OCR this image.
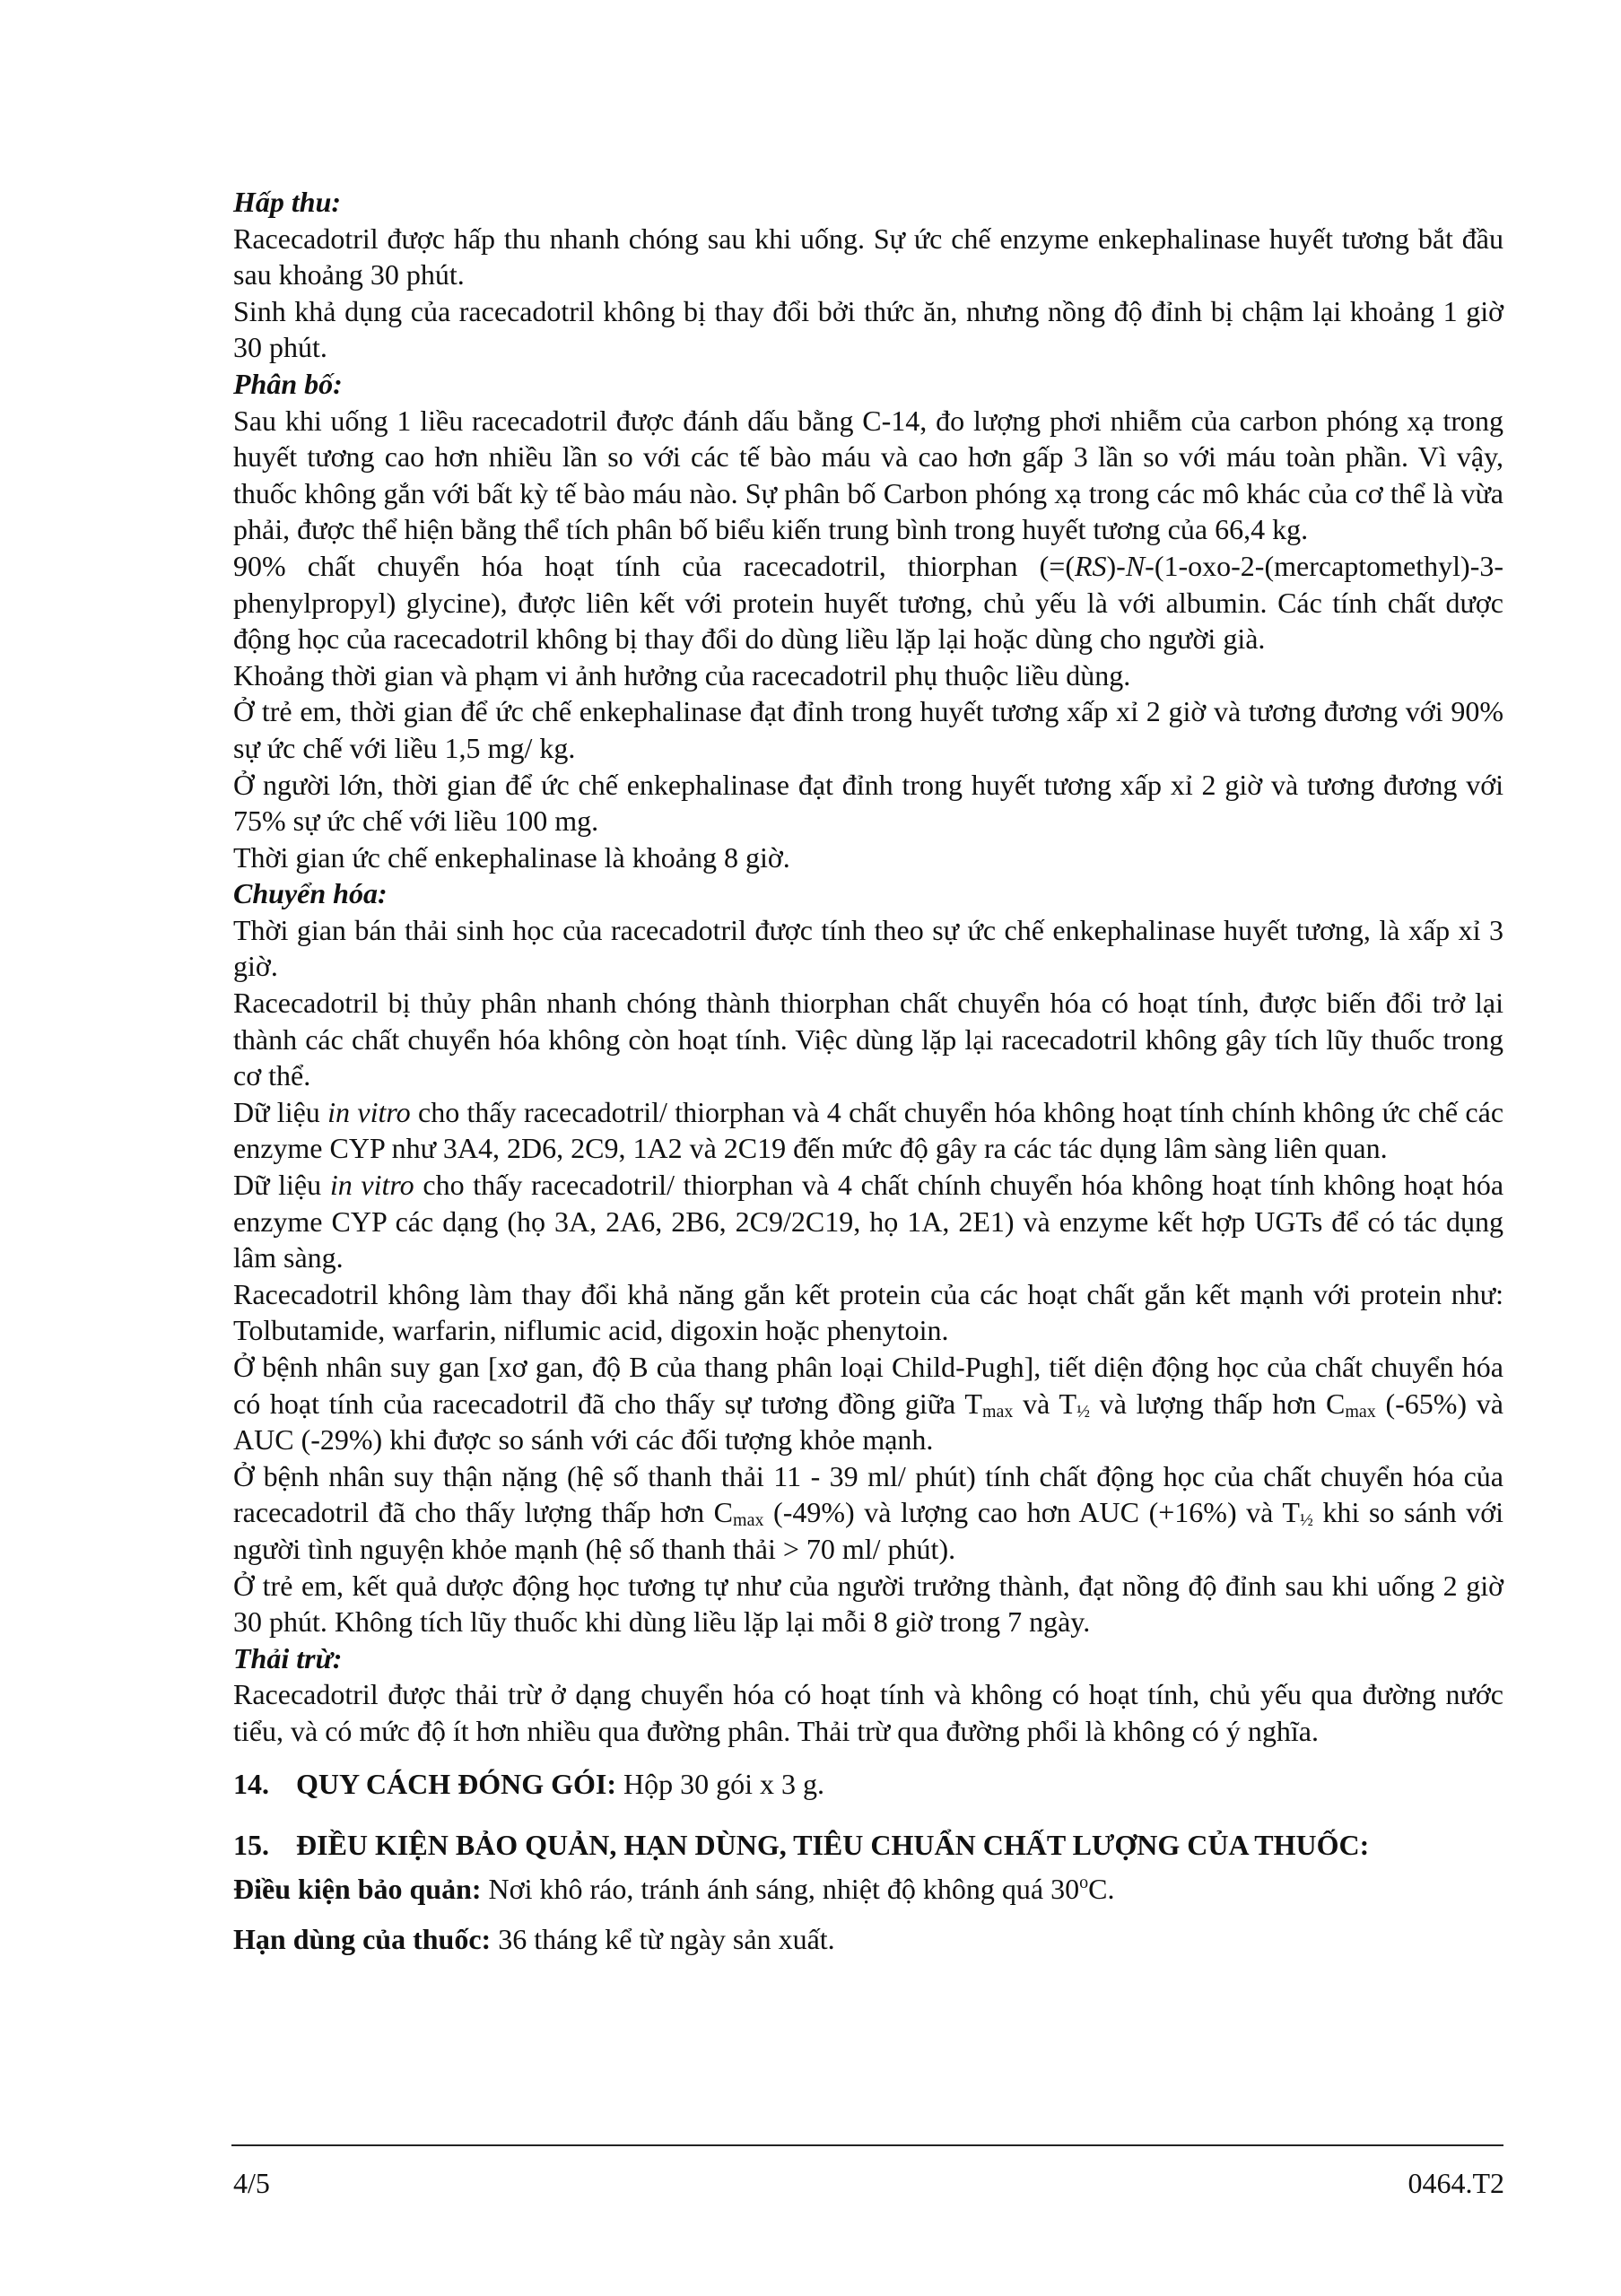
Hấp thu:

Racecadotril được hấp thu nhanh chóng sau khi uống. Sự ức chế enzyme enkephalinase huyết tương bắt đầu sau khoảng 30 phút.

Sinh khả dụng của racecadotril không bị thay đổi bởi thức ăn, nhưng nồng độ đỉnh bị chậm lại khoảng 1 giờ 30 phút.

Phân bố:

Sau khi uống 1 liều racecadotril được đánh dấu bằng C-14, đo lượng phơi nhiễm của carbon phóng xạ trong huyết tương cao hơn nhiều lần so với các tế bào máu và cao hơn gấp 3 lần so với máu toàn phần. Vì vậy, thuốc không gắn với bất kỳ tế bào máu nào. Sự phân bố Carbon phóng xạ trong các mô khác của cơ thể là vừa phải, được thể hiện bằng thể tích phân bố biểu kiến trung bình trong huyết tương của 66,4 kg.

90% chất chuyển hóa hoạt tính của racecadotril, thiorphan (=(RS)-N-(1-oxo-2-(mercaptomethyl)-3-phenylpropyl) glycine), được liên kết với protein huyết tương, chủ yếu là với albumin. Các tính chất dược động học của racecadotril không bị thay đổi do dùng liều lặp lại hoặc dùng cho người già.

Khoảng thời gian và phạm vi ảnh hưởng của racecadotril phụ thuộc liều dùng.

Ở trẻ em, thời gian để ức chế enkephalinase đạt đỉnh trong huyết tương xấp xỉ 2 giờ và tương đương với 90% sự ức chế với liều 1,5 mg/ kg.

Ở người lớn, thời gian để ức chế enkephalinase đạt đỉnh trong huyết tương xấp xỉ 2 giờ và tương đương với 75% sự ức chế với liều 100 mg.

Thời gian ức chế enkephalinase là khoảng 8 giờ.

Chuyển hóa:

Thời gian bán thải sinh học của racecadotril được tính theo sự ức chế enkephalinase huyết tương, là xấp xỉ 3 giờ.

Racecadotril bị thủy phân nhanh chóng thành thiorphan chất chuyển hóa có hoạt tính, được biến đổi trở lại thành các chất chuyển hóa không còn hoạt tính. Việc dùng lặp lại racecadotril không gây tích lũy thuốc trong cơ thể.

Dữ liệu in vitro cho thấy racecadotril/ thiorphan và 4 chất chuyển hóa không hoạt tính chính không ức chế các enzyme CYP như 3A4, 2D6, 2C9, 1A2 và 2C19 đến mức độ gây ra các tác dụng lâm sàng liên quan.

Dữ liệu in vitro cho thấy racecadotril/ thiorphan và 4 chất chính chuyển hóa không hoạt tính không hoạt hóa enzyme CYP các dạng (họ 3A, 2A6, 2B6, 2C9/2C19, họ 1A, 2E1) và enzyme kết hợp UGTs để có tác dụng lâm sàng.

Racecadotril không làm thay đổi khả năng gắn kết protein của các hoạt chất gắn kết mạnh với protein như: Tolbutamide, warfarin, niflumic acid, digoxin hoặc phenytoin.

Ở bệnh nhân suy gan [xơ gan, độ B của thang phân loại Child-Pugh], tiết diện động học của chất chuyển hóa có hoạt tính của racecadotril đã cho thấy sự tương đồng giữa $T_{max}$ và $T_{\frac{1}{2}}$ và lượng thấp hơn $C_{max}$ (-65%) và AUC (-29%) khi được so sánh với các đối tượng khỏe mạnh.

Ở bệnh nhân suy thận nặng (hệ số thanh thải 11 - 39 ml/ phút) tính chất động học của chất chuyển hóa của racecadotril đã cho thấy lượng thấp hơn $C_{max}$ (-49%) và lượng cao hơn AUC (+16%) và $T_{\frac{1}{2}}$ khi so sánh với người tình nguyện khỏe mạnh (hệ số thanh thải > 70 ml/ phút).

Ở trẻ em, kết quả dược động học tương tự như của người trưởng thành, đạt nồng độ đỉnh sau khi uống 2 giờ 30 phút. Không tích lũy thuốc khi dùng liều lặp lại mỗi 8 giờ trong 7 ngày.

Thải trừ:

Racecadotril được thải trừ ở dạng chuyển hóa có hoạt tính và không có hoạt tính, chủ yếu qua đường nước tiểu, và có mức độ ít hơn nhiều qua đường phân. Thải trừ qua đường phổi là không có ý nghĩa.

14. QUY CÁCH ĐÓNG GÓI: Hộp 30 gói x 3 g.

15. ĐIỀU KIỆN BẢO QUẢN, HẠN DÙNG, TIÊU CHUẨN CHẤT LƯỢNG CỦA THUỐC:

Điều kiện bảo quản: Nơi khô ráo, tránh ánh sáng, nhiệt độ không quá 30$^o$C.

Hạn dùng của thuốc: 36 tháng kể từ ngày sản xuất.

4/5	0464.T2
